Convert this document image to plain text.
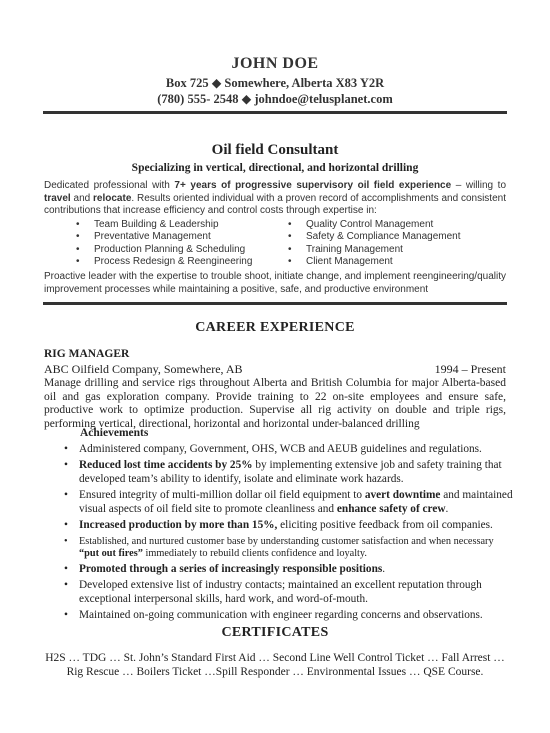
JOHN DOE
Box 725 ◆ Somewhere, Alberta X83 Y2R
(780) 555- 2548 ◆ johndoe@telusplanet.com
Oil field Consultant
Specializing in vertical, directional, and horizontal drilling
Dedicated professional with 7+ years of progressive supervisory oil field experience – willing to travel and relocate. Results oriented individual with a proven record of accomplishments and consistent contributions that increase efficiency and control costs through expertise in:
•	Team Building & Leadership
•	Preventative Management
•	Production Planning & Scheduling
•	Process Redesign & Reengineering
•	Quality Control Management
•	Safety & Compliance Management
•	Training Management
•	Client Management
Proactive leader with the expertise to trouble shoot, initiate change, and implement reengineering/quality improvement processes while maintaining a positive, safe, and productive environment
CAREER EXPERIENCE
RIG MANAGER
ABC Oilfield Company, Somewhere, AB	1994 – Present
Manage drilling and service rigs throughout Alberta and British Columbia for major Alberta-based oil and gas exploration company. Provide training to 22 on-site employees and ensure safe, productive work to optimize production. Supervise all rig activity on double and triple rigs, performing vertical, directional, horizontal and horizontal under-balanced drilling
Achievements
• Administered company, Government, OHS, WCB and AEUB guidelines and regulations.
• Reduced lost time accidents by 25% by implementing extensive job and safety training that developed team’s ability to identify, isolate and eliminate work hazards.
• Ensured integrity of multi-million dollar oil field equipment to avert downtime and maintained visual aspects of oil field site to promote cleanliness and enhance safety of crew.
• Increased production by more than 15%, eliciting positive feedback from oil companies.
•	Established, and nurtured customer base by understanding customer satisfaction and when necessary “put out fires” immediately to rebuild clients confidence and loyalty.
• Promoted through a series of increasingly responsible positions.
• Developed extensive list of industry contacts; maintained an excellent reputation through exceptional interpersonal skills, hard work, and word-of-mouth.
• Maintained on-going communication with engineer regarding concerns and observations.
CERTIFICATES
H2S … TDG … St. John’s Standard First Aid … Second Line Well Control Ticket … Fall Arrest … Rig Rescue … Boilers Ticket …Spill Responder … Environmental Issues … QSE Course.
